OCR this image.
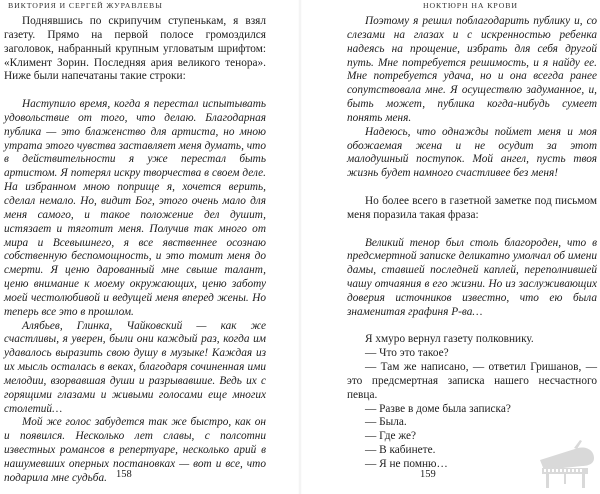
ВИКТОРИЯ И СЕРГЕЙ ЖУРАВЛЕВЫ

Поднявшись по скрипучим ступенькам, я взял газету. Прямо на первой полосе громоздился заголовок, набранный крупным угловатым шрифтом: «Климент Зорин. Последняя ария великого тенора». Ниже были напечатаны такие строки:

Наступило время, когда я перестал испытывать удовольствие от того, что делаю. Благодарная публика — это блаженство для артиста, но мною утрата этого чувства заставляет меня думать, что в действительности я уже перестал быть артистом. Я потерял искру творчества в своем деле. На избранном мною поприще я, хочется верить, сделал немало. Но, видит Бог, этого очень мало для меня самого, и такое положение дел душит, истязает и тяготит меня. Получив так много от мира и Всевышнего, я все явственнее осознаю собственную беспомощность, и это томит меня до смерти. Я ценю дарованный мне свыше талант, ценю внимание к моему окружающих, ценю заботу моей честолюбивой и ведущей меня вперед жены. Но теперь все это в прошлом.

Алябьев, Глинка, Чайковский — как же счастливы, я уверен, были они каждый раз, когда им удавалось выразить свою душу в музыке! Каждая из их мысль осталась в веках, благодаря сочиненная ими мелодии, взорвавшая души и разрывавшие. Ведь их с горящими глазами и живыми голосами еще многих столетий…

Мой же голос забудется так же быстро, как он и появился. Несколько лет славы, с полсотни известных романсов в репертуаре, несколько арий в нашумевших оперных постановках — вот и все, что подарила мне судьба. 158
НОКТЮРН НА КРОВИ

Поэтому я решил поблагодарить публику и, со слезами на глазах и с искренностью ребенка надеясь на прощение, избрать для себя другой путь. Мне потребуется решимость, и я найду ее. Мне потребуется удача, но и она всегда ранее сопутствовала мне. Я осуществлю задуманное, и, быть может, публика когда-нибудь сумеет понять меня.

Надеюсь, что однажды поймет меня и моя обожаемая жена и не осудит за этот малодушный поступок. Мой ангел, пусть твоя жизнь будет намного счастливее без меня!

Но более всего в газетной заметке под письмом меня поразила такая фраза:

Великий тенор был столь благороден, что в предсмертной записке деликатно умолчал об имени дамы, ставшей последней каплей, переполнившей чашу отчаяния в его жизни. Но из заслуживающих доверия источников известно, что ею была знаменитая графиня Р-ва…

Я хмуро вернул газету полковнику.

— Что это такое?

— Там же написано, — ответил Гришанов, — это предсмертная записка нашего несчастного певца.

— Разве в доме была записка?

— Была.

— Где же?

— В кабинете.

— Я не помню…

159
